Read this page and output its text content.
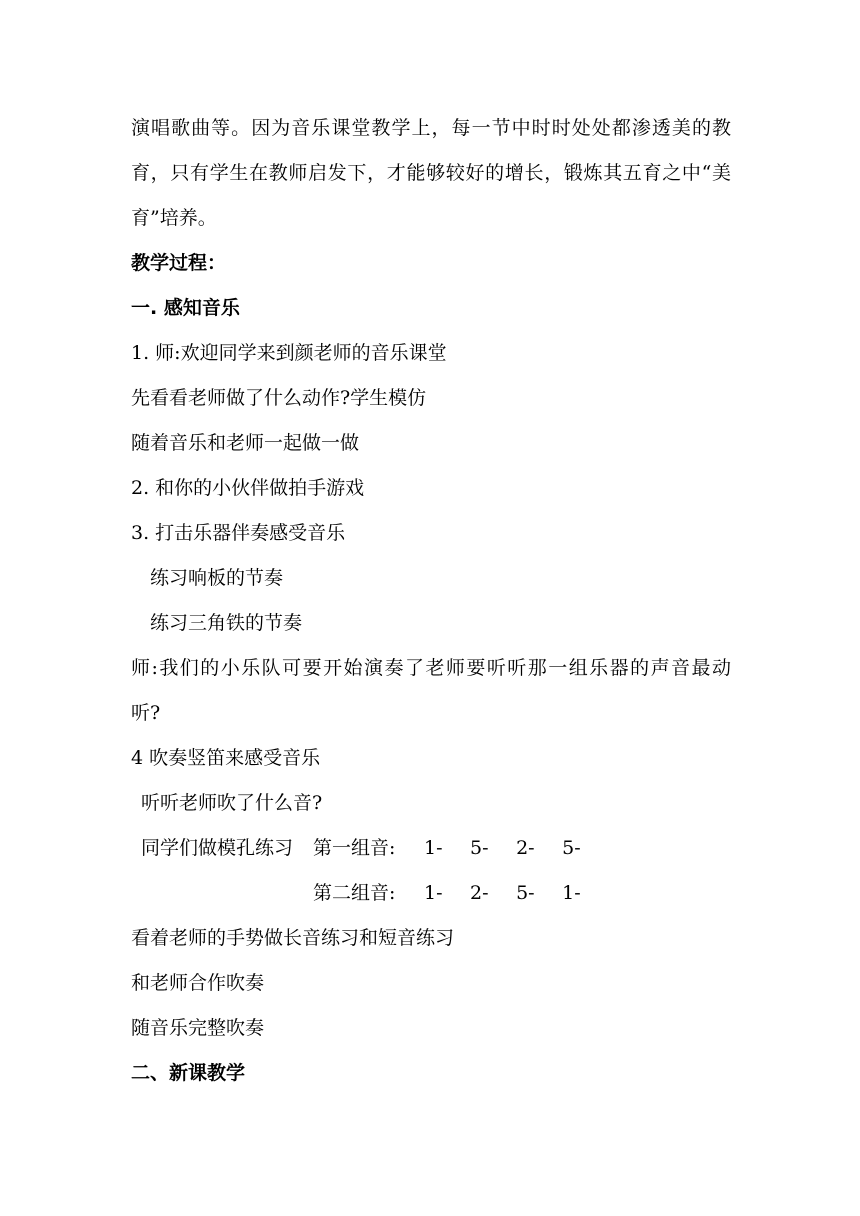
演唱歌曲等。因为音乐课堂教学上，每一节中时时处处都渗透美的教
育，只有学生在教师启发下，才能够较好的增长，锻炼其五育之中“美
育”培养。
教学过程：
一. 感知音乐
1. 师:欢迎同学来到颜老师的音乐课堂
先看看老师做了什么动作?学生模仿
随着音乐和老师一起做一做
2. 和你的小伙伴做拍手游戏
3. 打击乐器伴奏感受音乐
练习响板的节奏
练习三角铁的节奏
师:我们的小乐队可要开始演奏了老师要听听那一组乐器的声音最动
听?
4 吹奏竖笛来感受音乐
听听老师吹了什么音?
同学们做模孔练习 第一组音: 1- 5- 2- 5-
第二组音: 1- 2- 5- 1-
看着老师的手势做长音练习和短音练习
和老师合作吹奏
随音乐完整吹奏
二、新课教学
